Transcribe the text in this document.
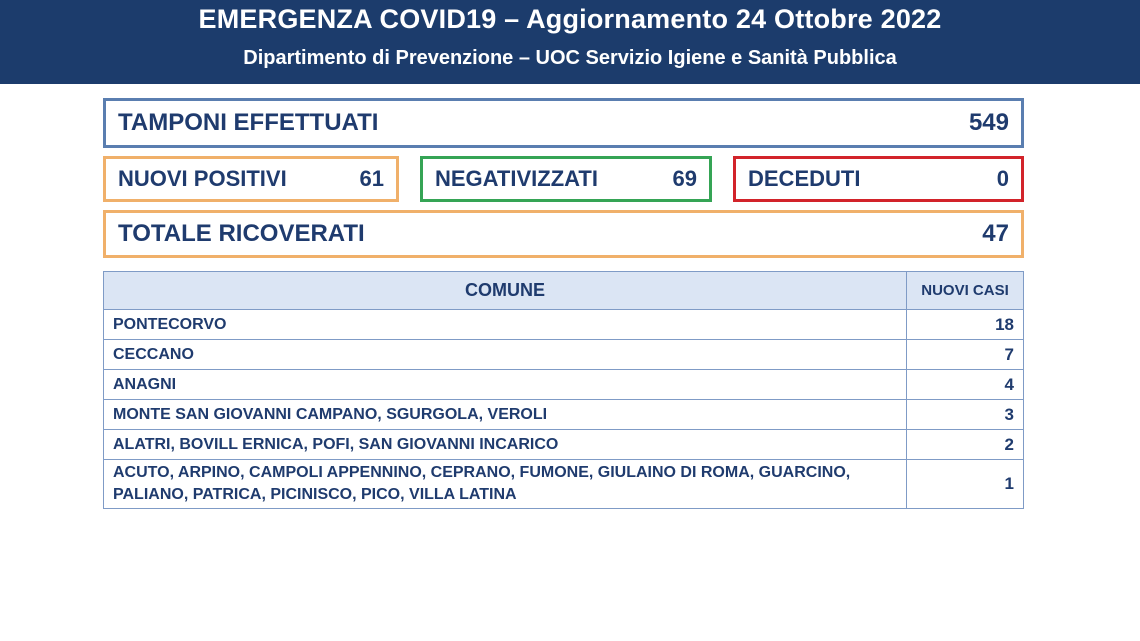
EMERGENZA COVID19 – Aggiornamento 24 Ottobre 2022
Dipartimento di Prevenzione – UOC Servizio Igiene e Sanità Pubblica
TAMPONI EFFETTUATI	549
NUOVI POSITIVI	61 NEGATIVIZZATI	69 DECEDUTI	0
TOTALE RICOVERATI	47
COMUNE	NUOVI CASI
PONTECORVO	18
CECCANO	7
ANAGNI	4
MONTE SAN GIOVANNI CAMPANO, SGURGOLA, VEROLI	3
ALATRI, BOVILL ERNICA, POFI, SAN GIOVANNI INCARICO	2
ACUTO, ARPINO, CAMPOLI APPENNINO, CEPRANO, FUMONE, GIULAINO DI ROMA, GUARCINO, PALIANO, PATRICA, PICINISCO, PICO, VILLA LATINA	1
